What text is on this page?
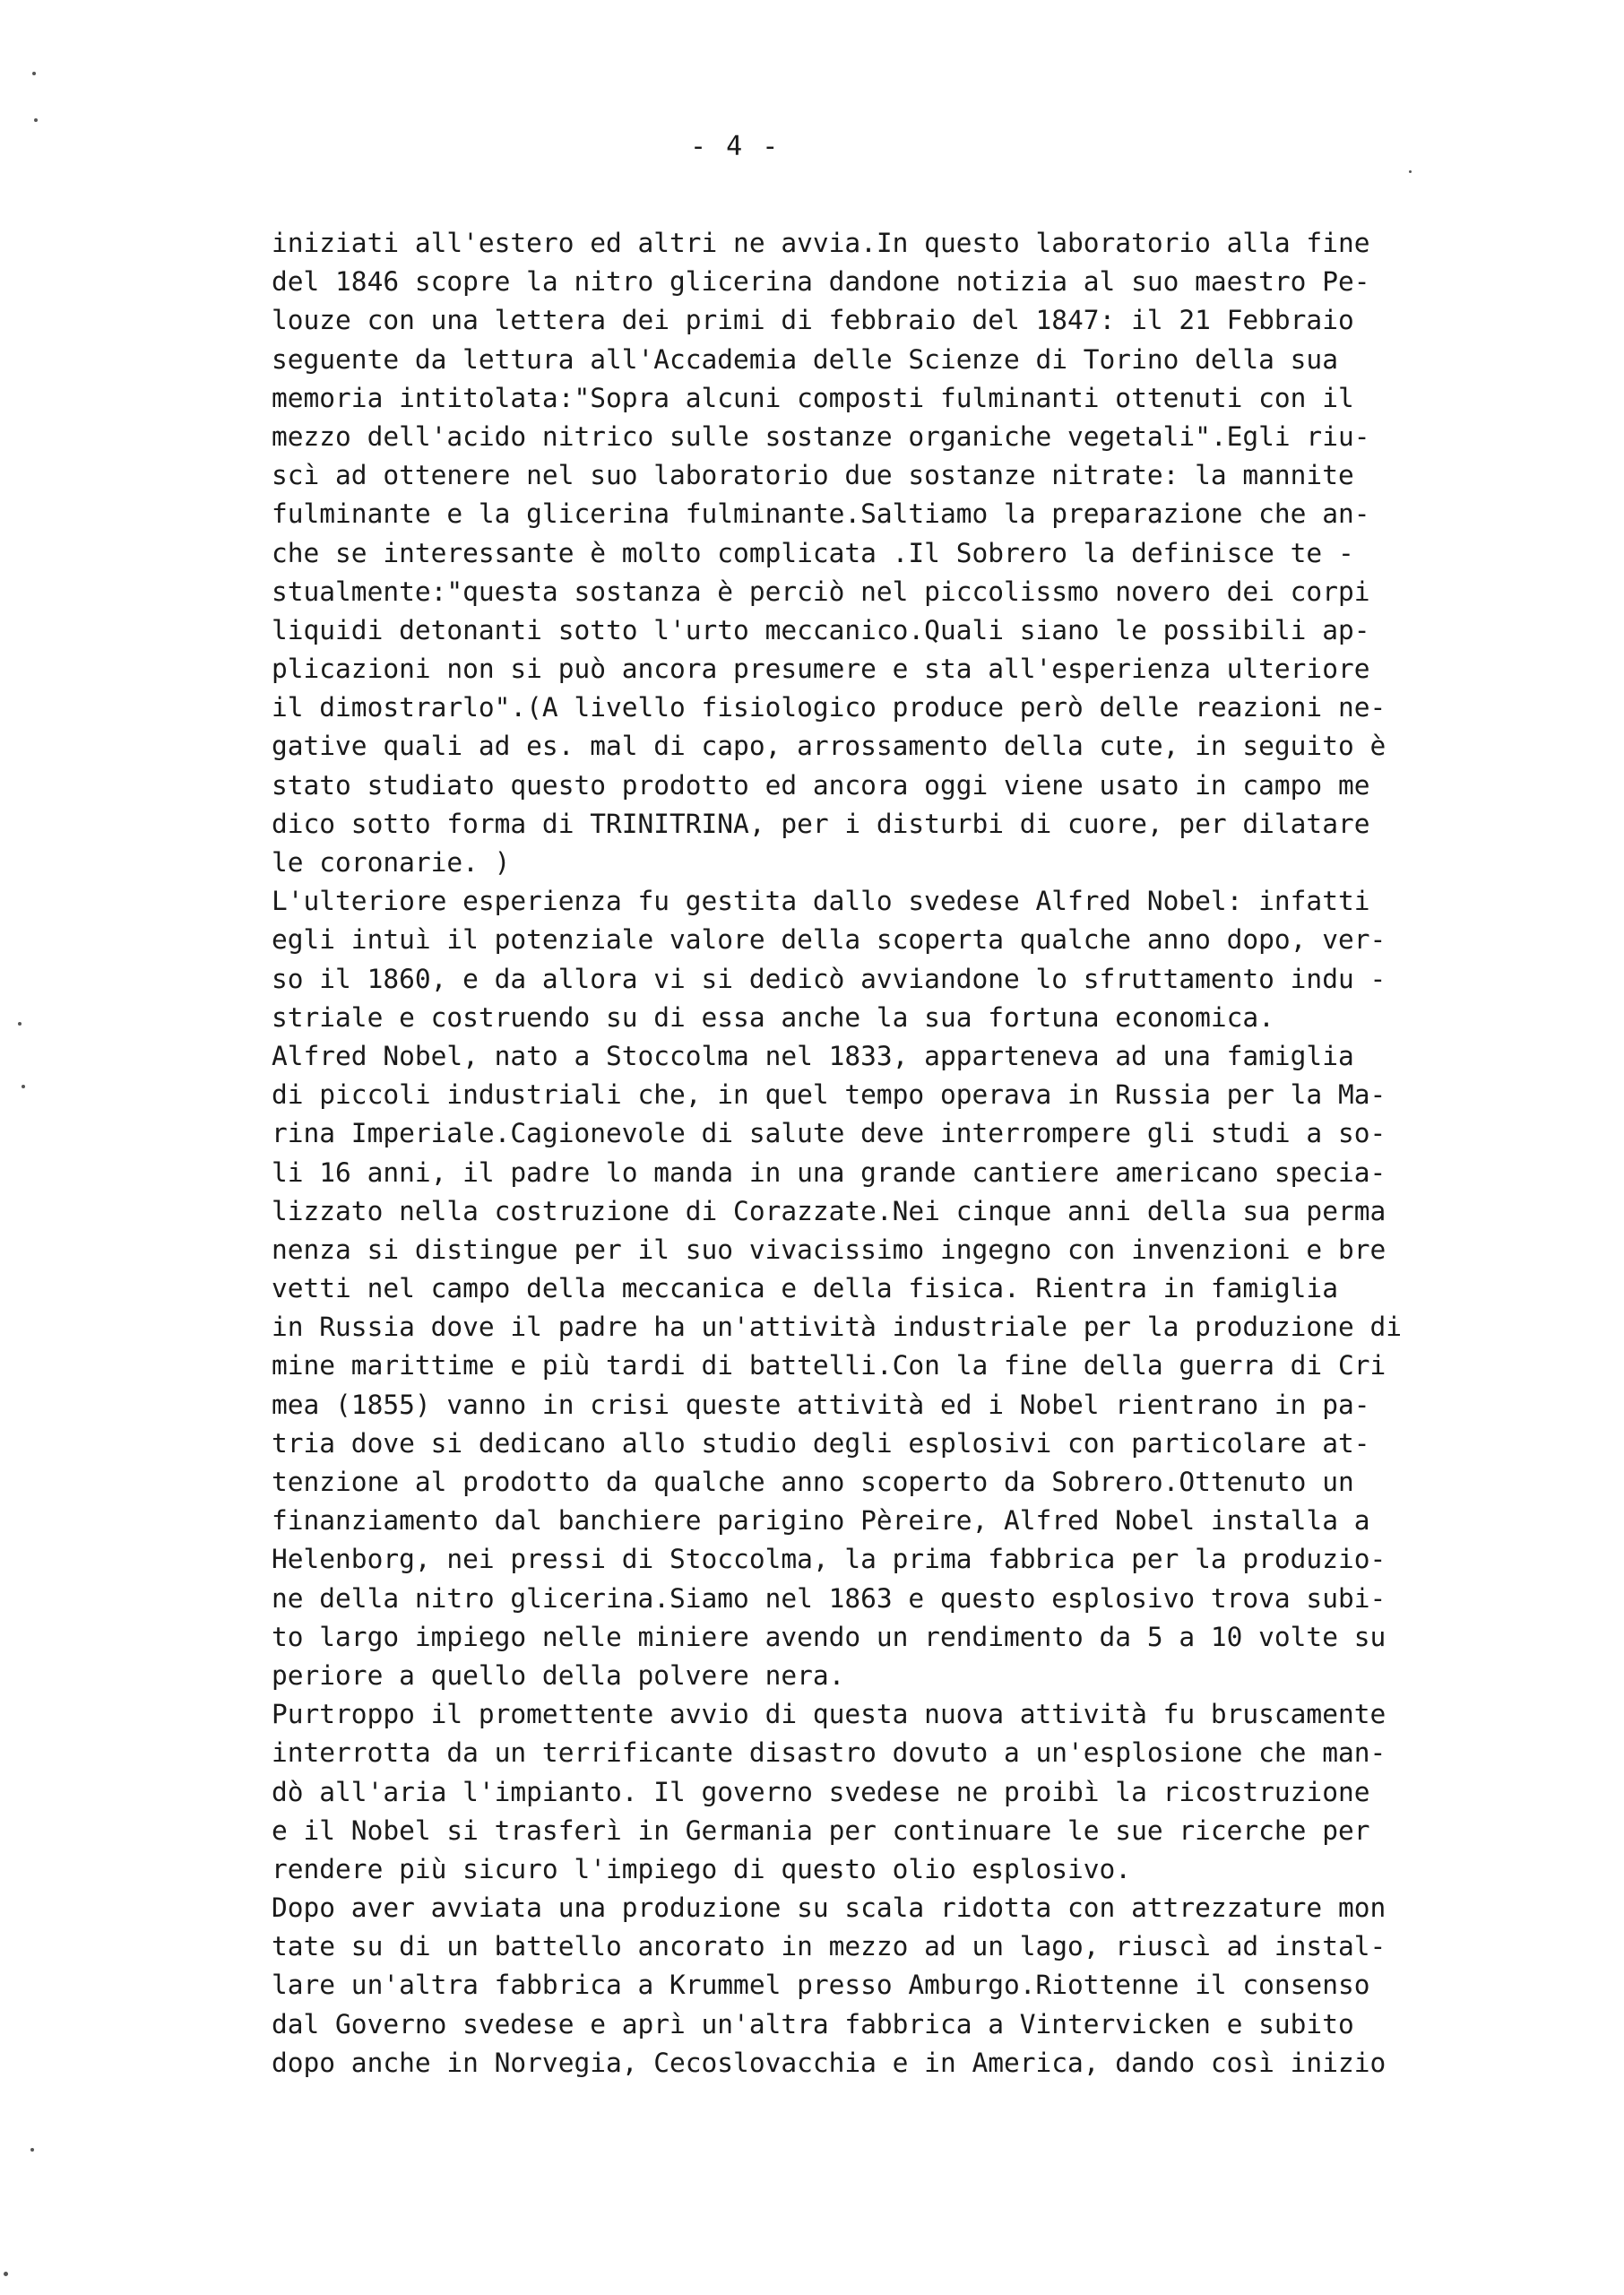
- 4 -
iniziati all'estero ed altri ne avvia.In questo laboratorio alla fine
del 1846 scopre la nitro glicerina dandone notizia al suo maestro Pe-
louze con una lettera dei primi di febbraio del 1847: il 21 Febbraio
seguente da lettura all'Accademia delle Scienze di Torino della sua
memoria intitolata:"Sopra alcuni composti fulminanti ottenuti con il
mezzo dell'acido nitrico sulle sostanze organiche vegetali".Egli riu-
scì ad ottenere nel suo laboratorio due sostanze nitrate: la mannite
fulminante e la glicerina fulminante.Saltiamo la preparazione che an-
che se interessante è molto complicata .Il Sobrero la definisce te -
stualmente:"questa sostanza è perciò nel piccolissmo novero dei corpi
liquidi detonanti sotto l'urto meccanico.Quali siano le possibili ap-
plicazioni non si può ancora presumere e sta all'esperienza ulteriore
il dimostrarlo".(A livello fisiologico produce però delle reazioni ne-
gative quali ad es. mal di capo, arrossamento della cute, in seguito è
stato studiato questo prodotto ed ancora oggi viene usato in campo me
dico sotto forma di TRINITRINA, per i disturbi di cuore, per dilatare
le coronarie. )
L'ulteriore esperienza fu gestita dallo svedese Alfred Nobel: infatti
egli intuì il potenziale valore della scoperta qualche anno dopo, ver-
so il 1860, e da allora vi si dedicò avviandone lo sfruttamento indu -
striale e costruendo su di essa anche la sua fortuna economica.
Alfred Nobel, nato a Stoccolma nel 1833, apparteneva ad una famiglia
di piccoli industriali che, in quel tempo operava in Russia per la Ma-
rina Imperiale.Cagionevole di salute deve interrompere gli studi a so-
li 16 anni, il padre lo manda in una grande cantiere americano specia-
lizzato nella costruzione di Corazzate.Nei cinque anni della sua perma
nenza si distingue per il suo vivacissimo ingegno con invenzioni e bre
vetti nel campo della meccanica e della fisica. Rientra in famiglia
in Russia dove il padre ha un'attività industriale per la produzione di
mine marittime e più tardi di battelli.Con la fine della guerra di Cri
mea (1855) vanno in crisi queste attività ed i Nobel rientrano in pa-
tria dove si dedicano allo studio degli esplosivi con particolare at-
tenzione al prodotto da qualche anno scoperto da Sobrero.Ottenuto un
finanziamento dal banchiere parigino Pèreire, Alfred Nobel installa a
Helenborg, nei pressi di Stoccolma, la prima fabbrica per la produzio-
ne della nitro glicerina.Siamo nel 1863 e questo esplosivo trova subi-
to largo impiego nelle miniere avendo un rendimento da 5 a 10 volte su
periore a quello della polvere nera.
Purtroppo il promettente avvio di questa nuova attività fu bruscamente
interrotta da un terrificante disastro dovuto a un'esplosione che man-
dò all'aria l'impianto. Il governo svedese ne proibì la ricostruzione
e il Nobel si trasferì in Germania per continuare le sue ricerche per
rendere più sicuro l'impiego di questo olio esplosivo.
Dopo aver avviata una produzione su scala ridotta con attrezzature mon
tate su di un battello ancorato in mezzo ad un lago, riuscì ad instal-
lare un'altra fabbrica a Krummel presso Amburgo.Riottenne il consenso
dal Governo svedese e aprì un'altra fabbrica a Vintervicken e subito
dopo anche in Norvegia, Cecoslovacchia e in America, dando così inizio
